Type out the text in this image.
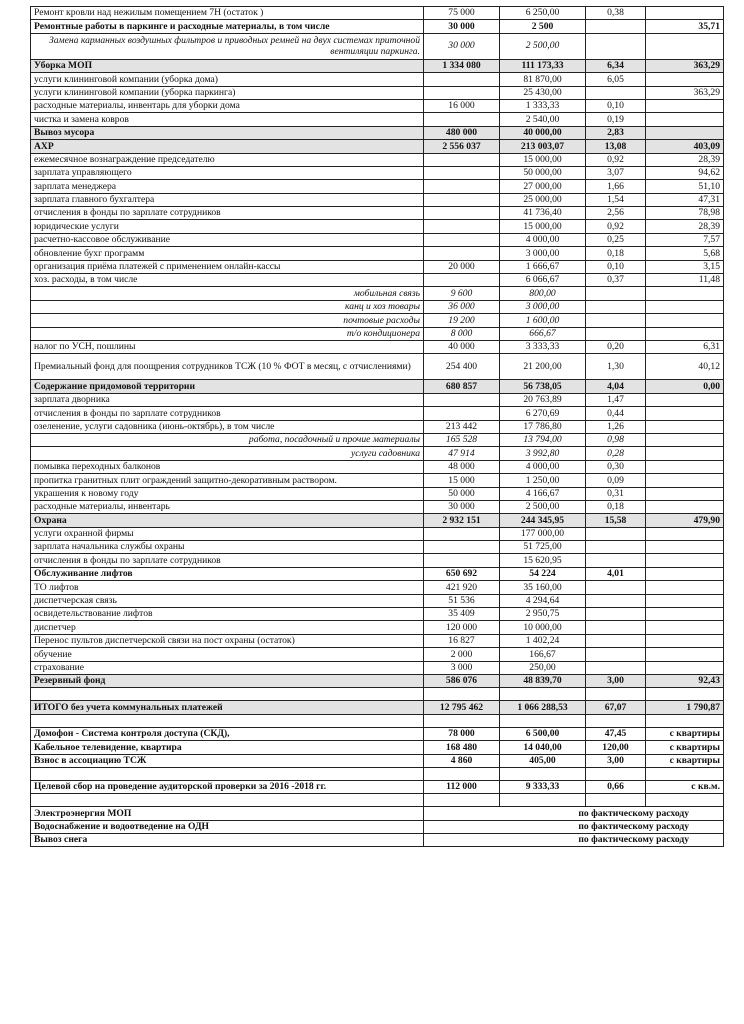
Ремонт кровли над нежилым помещением 7Н (остаток )	75 000	6 250,00	0,38	
Ремонтные работы в паркинге и расходные материалы, в том числе	30 000	2 500		35,71
Замена карманных воздушных фильтров и приводных ремней на двух системах приточной вентиляции паркинга.	30 000	2 500,00		
Уборка МОП	1 334 080	111 173,33	6,34	363,29
услуги клининговой компании (уборка дома)		81 870,00	6,05	
услуги клининговой компании (уборка паркинга)		25 430,00		363,29
расходные материалы, инвентарь для уборки дома	16 000	1 333,33	0,10	
чистка и замена ковров		2 540,00	0,19	
Вывоз мусора	480 000	40 000,00	2,83	
АХР	2 556 037	213 003,07	13,08	403,09
ежемесячное вознаграждение председателю		15 000,00	0,92	28,39
зарплата управляющего		50 000,00	3,07	94,62
зарплата менеджера		27 000,00	1,66	51,10
зарплата главного бухгалтера		25 000,00	1,54	47,31
отчисления в фонды по зарплате сотрудников		41 736,40	2,56	78,98
юридические услуги		15 000,00	0,92	28,39
расчетно-кассовое обслуживание		4 000,00	0,25	7,57
обновление бухг программ		3 000,00	0,18	5,68
организация приёма платежей с применением онлайн-кассы	20 000	1 666,67	0,10	3,15
хоз. расходы, в том числе		6 066,67	0,37	11,48
мобильная связь	9 600	800,00		
канц и хоз товары	36 000	3 000,00		
почтовые расходы	19 200	1 600,00		
т/о кондиционера	8 000	666,67		
налог по УСН, пошлины	40 000	3 333,33	0,20	6,31
Премиальный фонд для поощрения сотрудников ТСЖ (10 % ФОТ в месяц, с отчислениями)	254 400	21 200,00	1,30	40,12
Содержание придомовой территории	680 857	56 738,05	4,04	0,00
зарплата дворника		20 763,89	1,47	
отчисления в фонды по зарплате сотрудников		6 270,69	0,44	
озеленение, услуги садовника (июнь-октябрь), в том числе	213 442	17 786,80	1,26	
работа, посадочный и прочие материалы	165 528	13 794,00	0,98	
услуги садовника	47 914	3 992,80	0,28	
помывка переходных балконов	48 000	4 000,00	0,30	
пропитка гранитных плит ограждений защитно-декоративным раствором.	15 000	1 250,00	0,09	
украшения к новому году	50 000	4 166,67	0,31	
расходные материалы, инвентарь	30 000	2 500,00	0,18	
Охрана	2 932 151	244 345,95	15,58	479,90
услуги охранной фирмы		177 000,00		
зарплата начальника службы охраны		51 725,00		
отчисления в фонды по зарплате сотрудников		15 620,95		
Обслуживание лифтов	650 692	54 224	4,01	
ТО лифтов	421 920	35 160,00		
диспетчерская связь	51 536	4 294,64		
освидетельствование лифтов	35 409	2 950,75		
диспетчер	120 000	10 000,00		
Перенос пультов диспетчерской связи на пост охраны (остаток)	16 827	1 402,24		
обучение	2 000	166,67		
страхование	3 000	250,00		
Резервный фонд	586 076	48 839,70	3,00	92,43

ИТОГО без учета коммунальных платежей	12 795 462	1 066 288,53	67,07	1 790,87

Домофон - Система контроля доступа (СКД),	78 000	6 500,00	47,45	с квартиры
Кабельное телевидение, квартира	168 480	14 040,00	120,00	с квартиры
Взнос в ассоциацию ТСЖ	4 860	405,00	3,00	с квартиры

Целевой сбор на проведение аудиторской проверки за 2016 -2018 гг.	112 000	9 333,33	0,66	с кв.м.

Электроэнергия МОП	по фактическому расходу			
Водоснабжение и водоотведение на ОДН	по фактическому расходу			
Вывоз снега	по фактическому расходу			
